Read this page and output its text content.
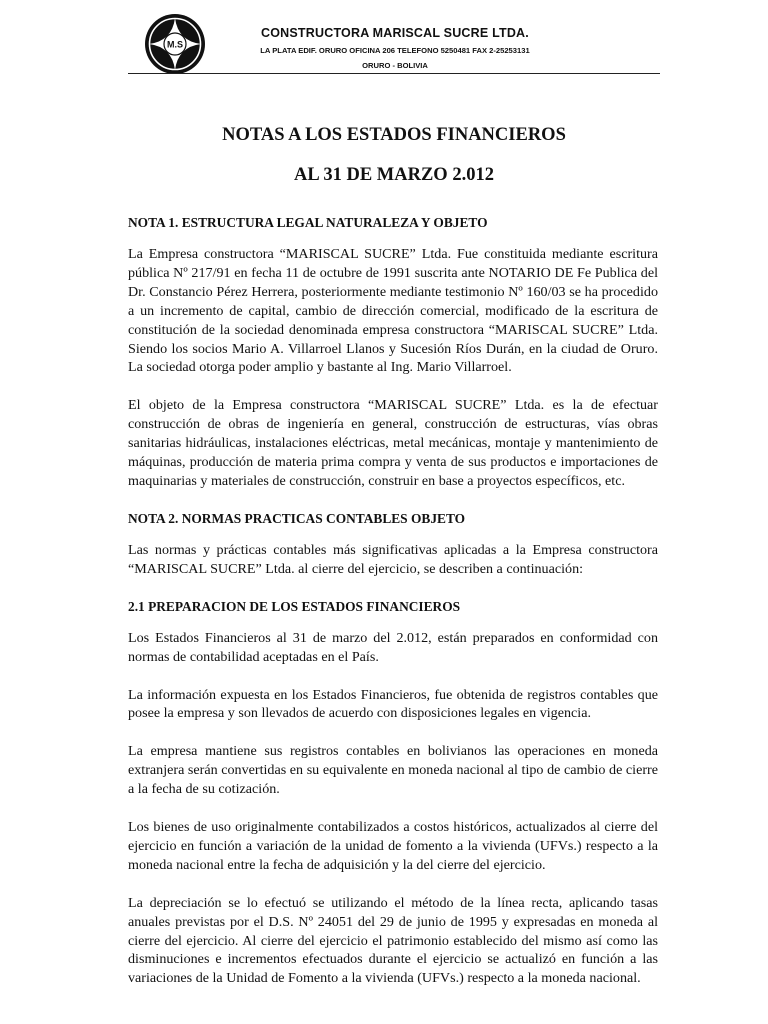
M.S
CONSTRUCTORA MARISCAL SUCRE LTDA.
LA PLATA EDIF. ORURO OFICINA 206 TELEFONO 5250481 FAX 2-25253131
ORURO - BOLIVIA
NOTAS A LOS ESTADOS FINANCIEROS
AL 31 DE MARZO 2.012

NOTA 1. ESTRUCTURA LEGAL NATURALEZA Y OBJETO

La Empresa constructora “MARISCAL SUCRE” Ltda. Fue constituida mediante escritura pública Nº 217/91 en fecha 11 de octubre de 1991 suscrita ante NOTARIO DE Fe Publica del Dr. Constancio Pérez Herrera, posteriormente mediante testimonio Nº 160/03 se ha procedido a un incremento de capital, cambio de dirección comercial, modificado de la escritura de constitución de la sociedad denominada empresa constructora “MARISCAL SUCRE” Ltda. Siendo los socios Mario A. Villarroel Llanos y Sucesión Ríos Durán, en la ciudad de Oruro. La sociedad otorga poder amplio y bastante al Ing. Mario Villarroel.

El objeto de la Empresa constructora “MARISCAL SUCRE” Ltda. es la de efectuar construcción de obras de ingeniería en general, construcción de estructuras, vías obras sanitarias hidráulicas, instalaciones eléctricas, metal mecánicas, montaje y mantenimiento de máquinas, producción de materia prima compra y venta de sus productos e importaciones de maquinarias y materiales de construcción, construir en base a proyectos específicos, etc.

NOTA 2. NORMAS PRACTICAS CONTABLES OBJETO

Las normas y prácticas contables más significativas aplicadas a la Empresa constructora “MARISCAL SUCRE” Ltda. al cierre del ejercicio, se describen a continuación:

2.1 PREPARACION DE LOS ESTADOS FINANCIEROS

Los Estados Financieros al 31 de marzo del 2.012, están preparados en conformidad con normas de contabilidad aceptadas en el País.

La información expuesta en los Estados Financieros, fue obtenida de registros contables que posee la empresa y son llevados de acuerdo con disposiciones legales en vigencia.

La empresa mantiene sus registros contables en bolivianos las operaciones en moneda extranjera serán convertidas en su equivalente en moneda nacional al tipo de cambio de cierre a la fecha de su cotización.

Los bienes de uso originalmente contabilizados a costos históricos, actualizados al cierre del ejercicio en función a variación de la unidad de fomento a la vivienda (UFVs.) respecto a la moneda nacional entre la fecha de adquisición y la del cierre del ejercicio.

La depreciación se lo efectuó se utilizando el método de la línea recta, aplicando tasas anuales previstas por el D.S. Nº 24051 del 29 de junio de 1995 y expresadas en moneda al cierre del ejercicio. Al cierre del ejercicio el patrimonio establecido del mismo así como las disminuciones e incrementos efectuados durante el ejercicio se actualizó en función a las variaciones de la Unidad de Fomento a la vivienda (UFVs.) respecto a la moneda nacional.
